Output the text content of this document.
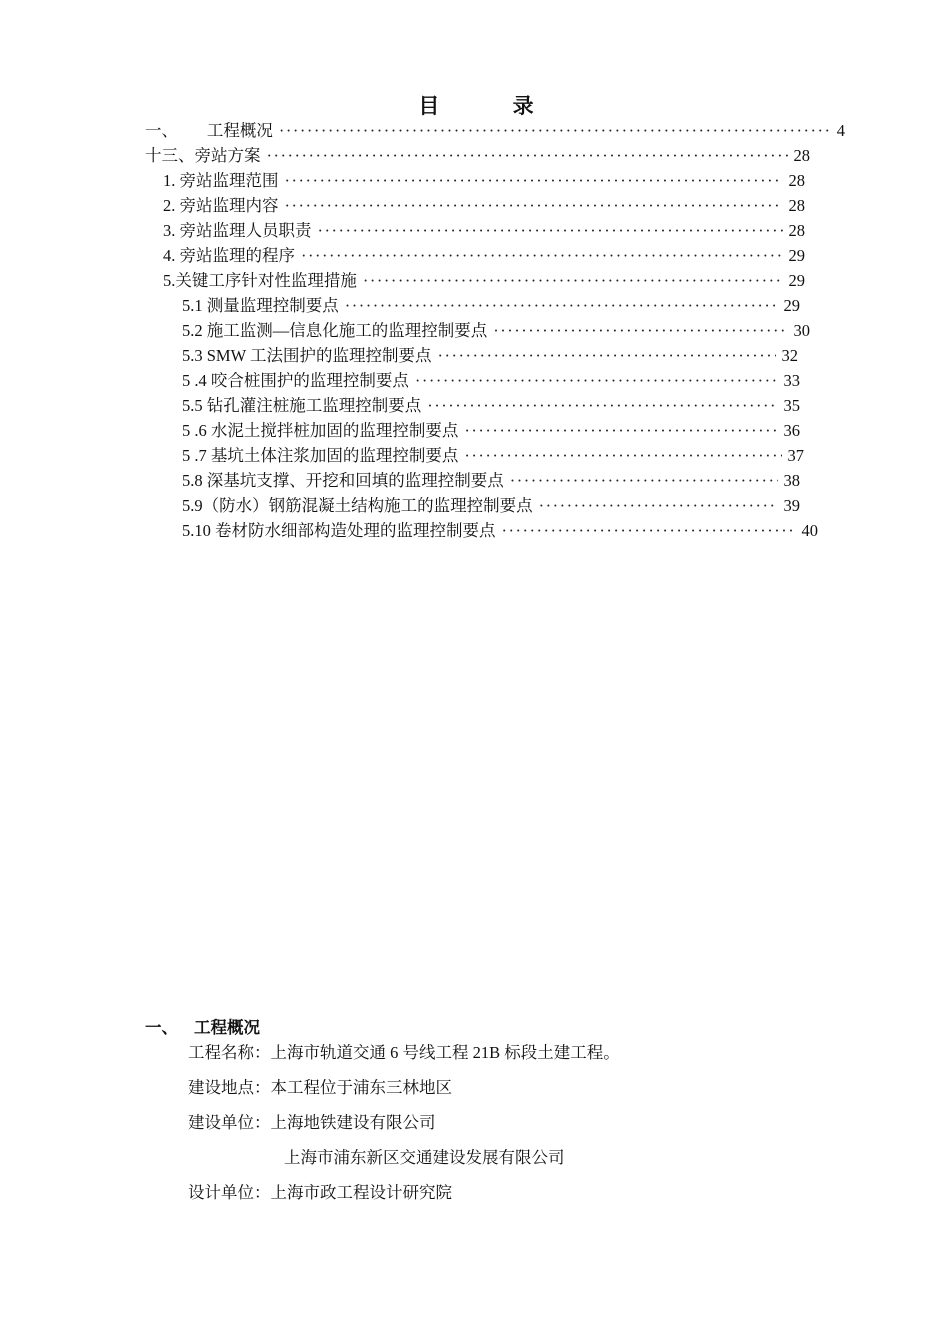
目 录
一、       工程概况 ·····	4
十三、旁站方案 ·····	28
1. 旁站监理范围 ·····	28
2. 旁站监理内容 ·····	28
3. 旁站监理人员职责 ·····	28
4. 旁站监理的程序 ·····	29
5.关键工序针对性监理措施 ·····	29
5.1 测量监理控制要点 ·····	29
5.2 施工监测—信息化施工的监理控制要点 ·····	30
5.3 SMW 工法围护的监理控制要点 ·····	32
5 .4 咬合桩围护的监理控制要点 ·····	33
5.5 钻孔灌注桩施工监理控制要点 ·····	35
5 .6 水泥土搅拌桩加固的监理控制要点 ·····	36
5 .7 基坑土体注浆加固的监理控制要点 ·····	37
5.8 深基坑支撑、开挖和回填的监理控制要点 ·····	38
5.9（防水）钢筋混凝土结构施工的监理控制要点 ·····	39
5.10 卷材防水细部构造处理的监理控制要点 ·····	40
一、 工程概况
工程名称：上海市轨道交通 6 号线工程 21B 标段土建工程。
建设地点：本工程位于浦东三林地区
建设单位：上海地铁建设有限公司
上海市浦东新区交通建设发展有限公司
设计单位：上海市政工程设计研究院
